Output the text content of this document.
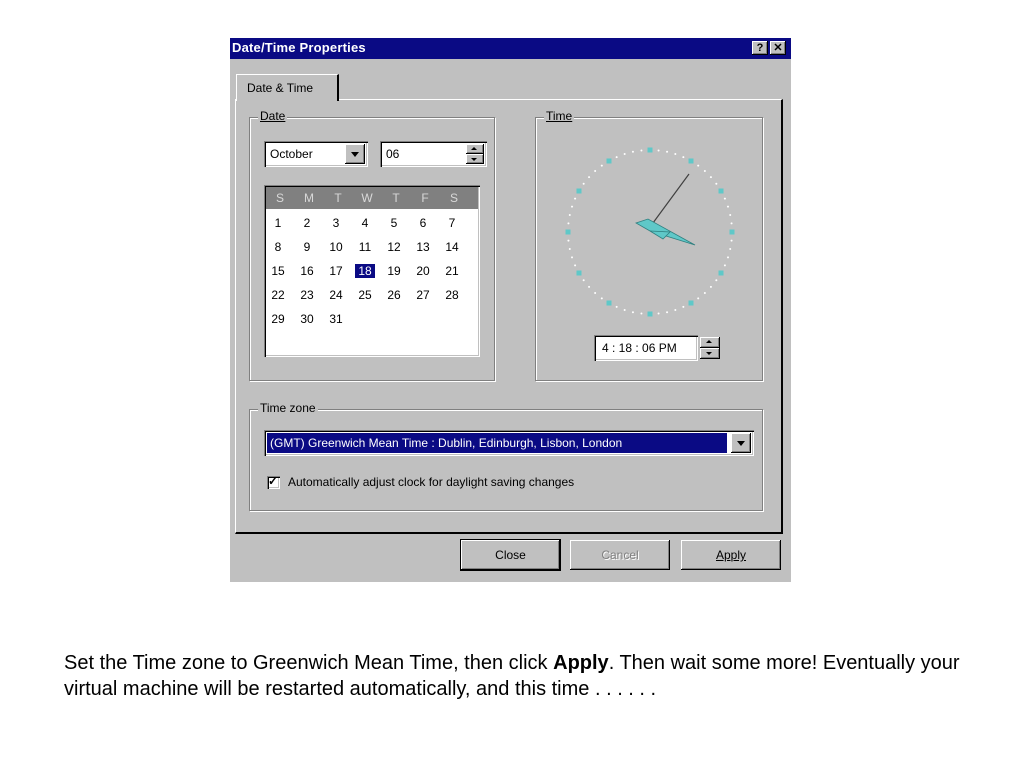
Date/Time Properties	? ✕
Date & Time
Date
October	06
S	M	T	W	T	F	S
1	2	3	4	5	6	7
8	9	10	11	12 13 14
15 16 17 18 19 20 21
22 23 24 25 26 27 28
29 30 31
Time
4 : 18 : 06 PM
Time zone
(GMT) Greenwich Mean Time : Dublin, Edinburgh, Lisbon, London
✓ Automatically adjust clock for daylight saving changes
Close	Cancel	Apply
Set the Time zone to Greenwich Mean Time, then click Apply. Then wait some more! Eventually your virtual machine will be restarted automatically, and this time . . . . . .
